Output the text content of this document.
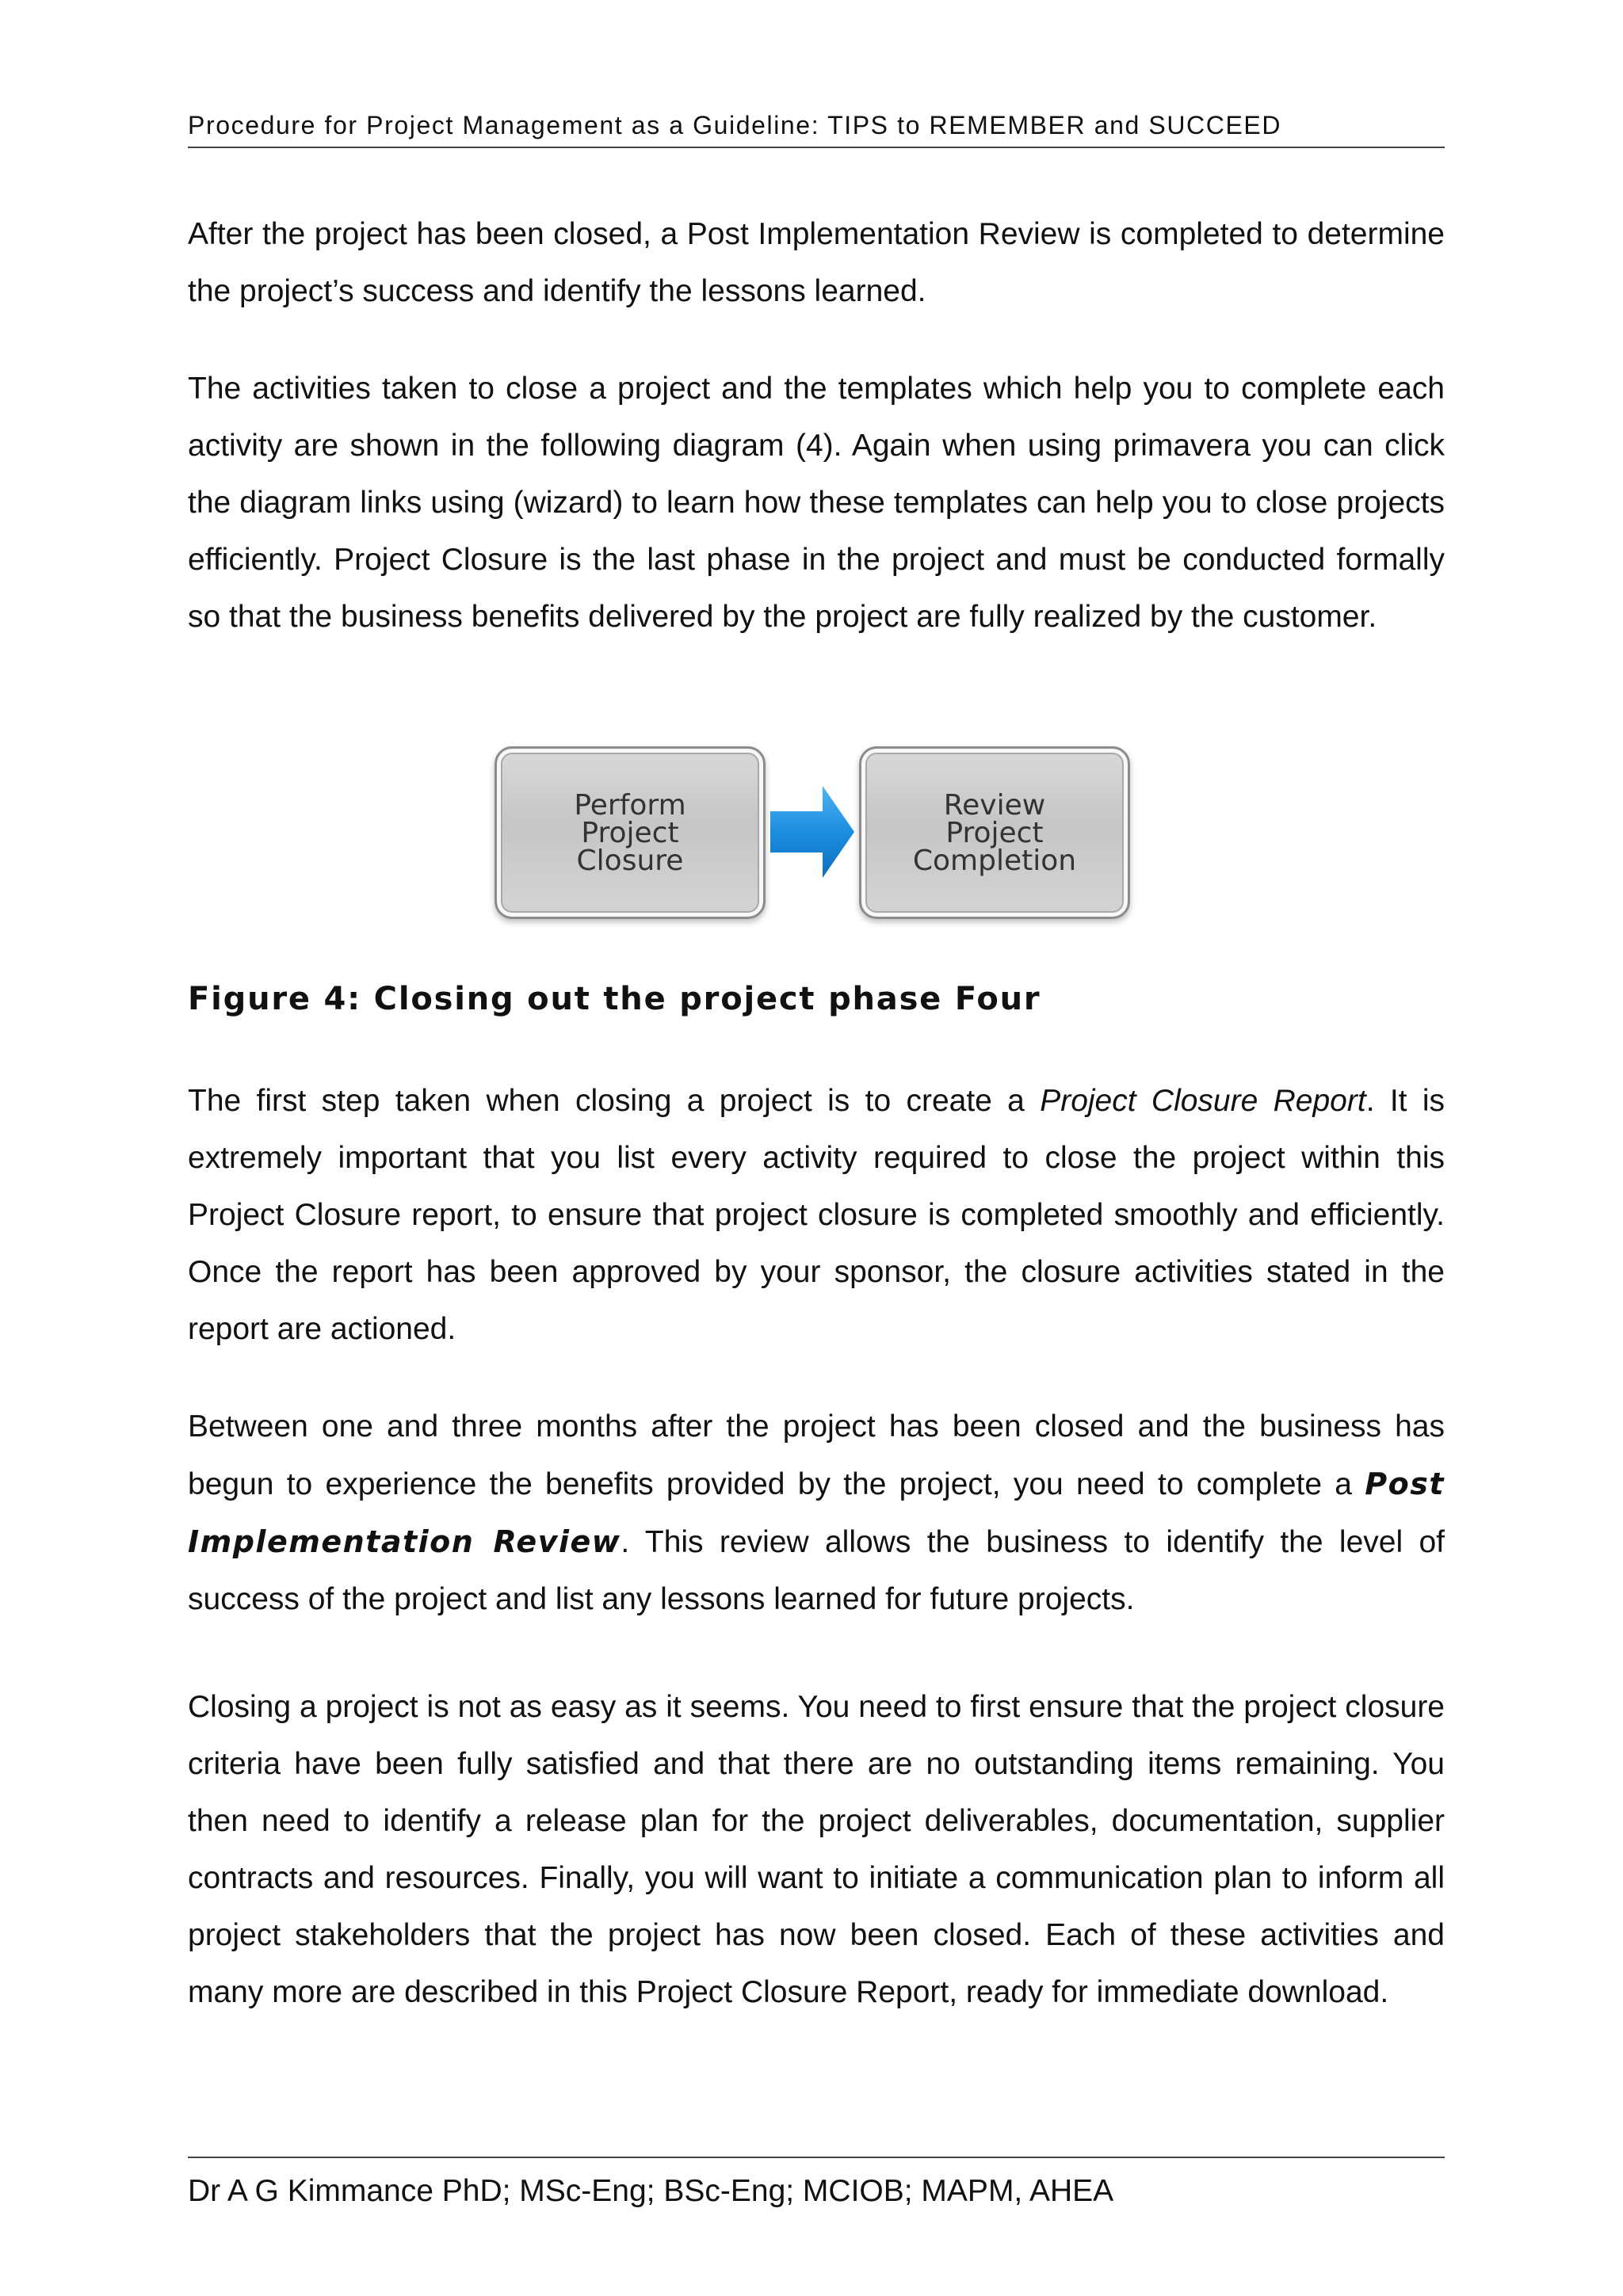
Procedure for Project Management as a Guideline: TIPS to REMEMBER and SUCCEED

After the project has been closed, a Post Implementation Review is completed to determine the project’s success and identify the lessons learned.

The activities taken to close a project and the templates which help you to complete each activity are shown in the following diagram (4). Again when using primavera you can click the diagram links using (wizard) to learn how these templates can help you to close projects efficiently. Project Closure is the last phase in the project and must be conducted formally so that the business benefits delivered by the project are fully realized by the customer.

Perform
Project
Closure
Review
Project
Completion

Figure 4: Closing out the project phase Four

The first step taken when closing a project is to create a Project Closure Report. It is extremely important that you list every activity required to close the project within this Project Closure report, to ensure that project closure is completed smoothly and efficiently. Once the report has been approved by your sponsor, the closure activities stated in the report are actioned.

Between one and three months after the project has been closed and the business has begun to experience the benefits provided by the project, you need to complete a Post Implementation Review. This review allows the business to identify the level of success of the project and list any lessons learned for future projects.

Closing a project is not as easy as it seems. You need to first ensure that the project closure criteria have been fully satisfied and that there are no outstanding items remaining. You then need to identify a release plan for the project deliverables, documentation, supplier contracts and resources. Finally, you will want to initiate a communication plan to inform all project stakeholders that the project has now been closed. Each of these activities and many more are described in this Project Closure Report, ready for immediate download.

Dr A G Kimmance PhD; MSc-Eng; BSc-Eng; MCIOB; MAPM, AHEA
